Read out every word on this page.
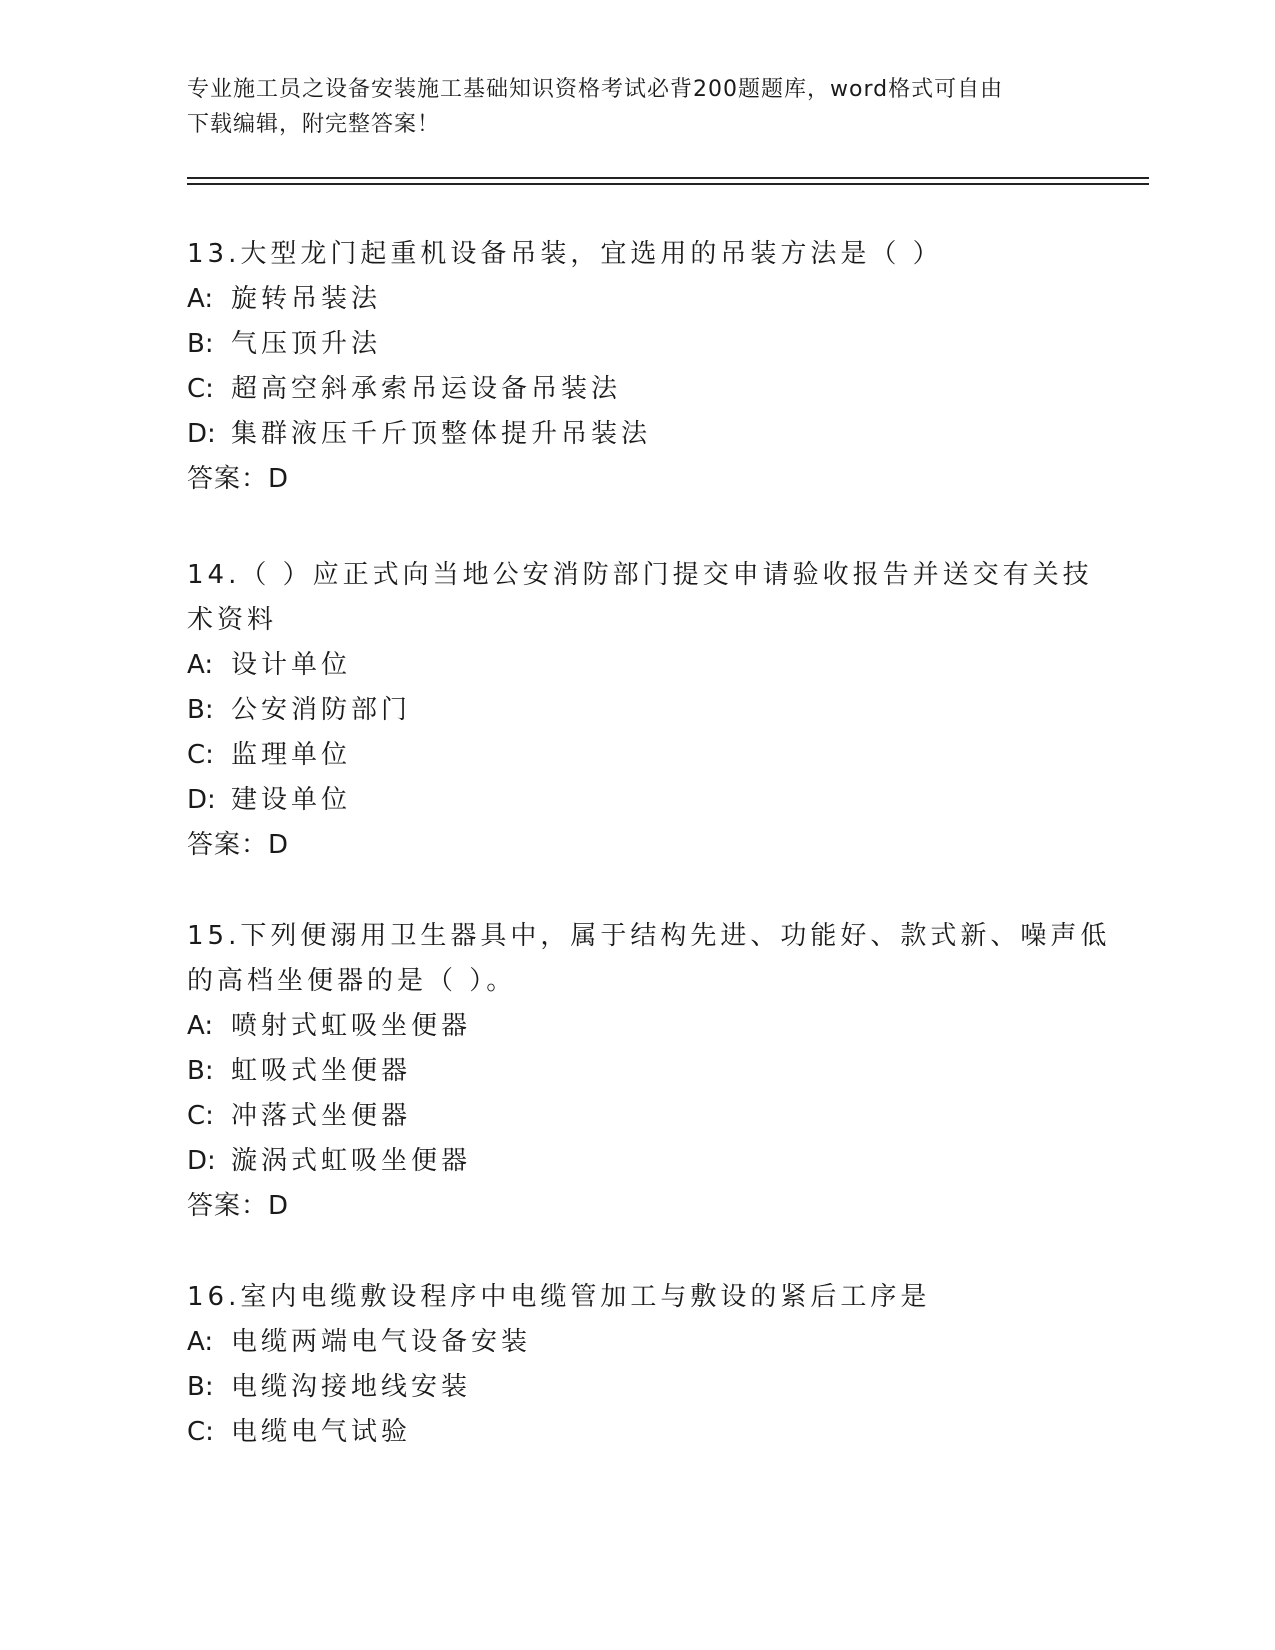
专业施工员之设备安装施工基础知识资格考试必背200题题库，word格式可自由
下载编辑，附完整答案！
13.大型龙门起重机设备吊装，宜选用的吊装方法是（ ）
A: 旋转吊装法
B: 气压顶升法
C: 超高空斜承索吊运设备吊装法
D: 集群液压千斤顶整体提升吊装法
答案：D
14.（ ）应正式向当地公安消防部门提交申请验收报告并送交有关技
术资料
A: 设计单位
B: 公安消防部门
C: 监理单位
D: 建设单位
答案：D
15.下列便溺用卫生器具中，属于结构先进、功能好、款式新、噪声低
的高档坐便器的是（ ）。
A: 喷射式虹吸坐便器
B: 虹吸式坐便器
C: 冲落式坐便器
D: 漩涡式虹吸坐便器
答案：D
16.室内电缆敷设程序中电缆管加工与敷设的紧后工序是
A: 电缆两端电气设备安装
B: 电缆沟接地线安装
C: 电缆电气试验
